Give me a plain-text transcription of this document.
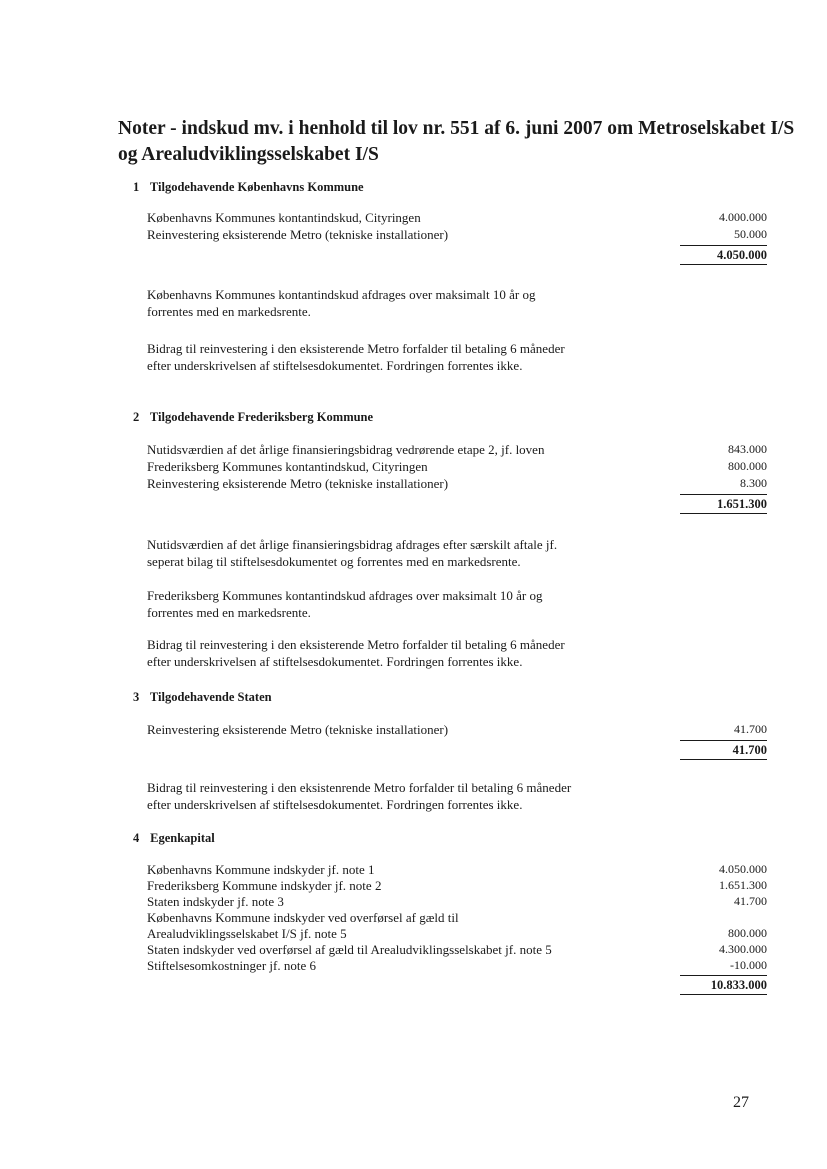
Noter - indskud mv. i henhold til lov nr. 551 af 6. juni 2007 om Metroselskabet I/S
og Arealudviklingsselskabet I/S
1 Tilgodehavende Københavns Kommune
Københavns Kommunes kontantindskud, Cityringen	4.000.000
Reinvestering eksisterende Metro (tekniske installationer)	50.000
4.050.000
Københavns Kommunes kontantindskud afdrages over maksimalt 10 år og
forrentes med en markedsrente.
Bidrag til reinvestering i den eksisterende Metro forfalder til betaling 6 måneder
efter underskrivelsen af stiftelsesdokumentet. Fordringen forrentes ikke.
2 Tilgodehavende Frederiksberg Kommune
Nutidsværdien af det årlige finansieringsbidrag vedrørende etape 2, jf. loven	843.000
Frederiksberg Kommunes kontantindskud, Cityringen	800.000
Reinvestering eksisterende Metro (tekniske installationer)	8.300
1.651.300
Nutidsværdien af det årlige finansieringsbidrag afdrages efter særskilt aftale jf.
seperat bilag til stiftelsesdokumentet og forrentes med en markedsrente.
Frederiksberg Kommunes kontantindskud afdrages over maksimalt 10 år og
forrentes med en markedsrente.
Bidrag til reinvestering i den eksisterende Metro forfalder til betaling 6 måneder
efter underskrivelsen af stiftelsesdokumentet. Fordringen forrentes ikke.
3 Tilgodehavende Staten
Reinvestering eksisterende Metro (tekniske installationer)	41.700
41.700
Bidrag til reinvestering i den eksistenrende Metro forfalder til betaling 6 måneder
efter underskrivelsen af stiftelsesdokumentet. Fordringen forrentes ikke.
4 Egenkapital
Københavns Kommune indskyder jf. note 1	4.050.000
Frederiksberg Kommune indskyder jf. note 2	1.651.300
Staten indskyder jf. note 3	41.700
Københavns Kommune indskyder ved overførsel af gæld til
Arealudviklingsselskabet I/S jf. note 5	800.000
Staten indskyder ved overførsel af gæld til Arealudviklingsselskabet jf. note 5	4.300.000
Stiftelsesomkostninger jf. note 6	-10.000
10.833.000
27
